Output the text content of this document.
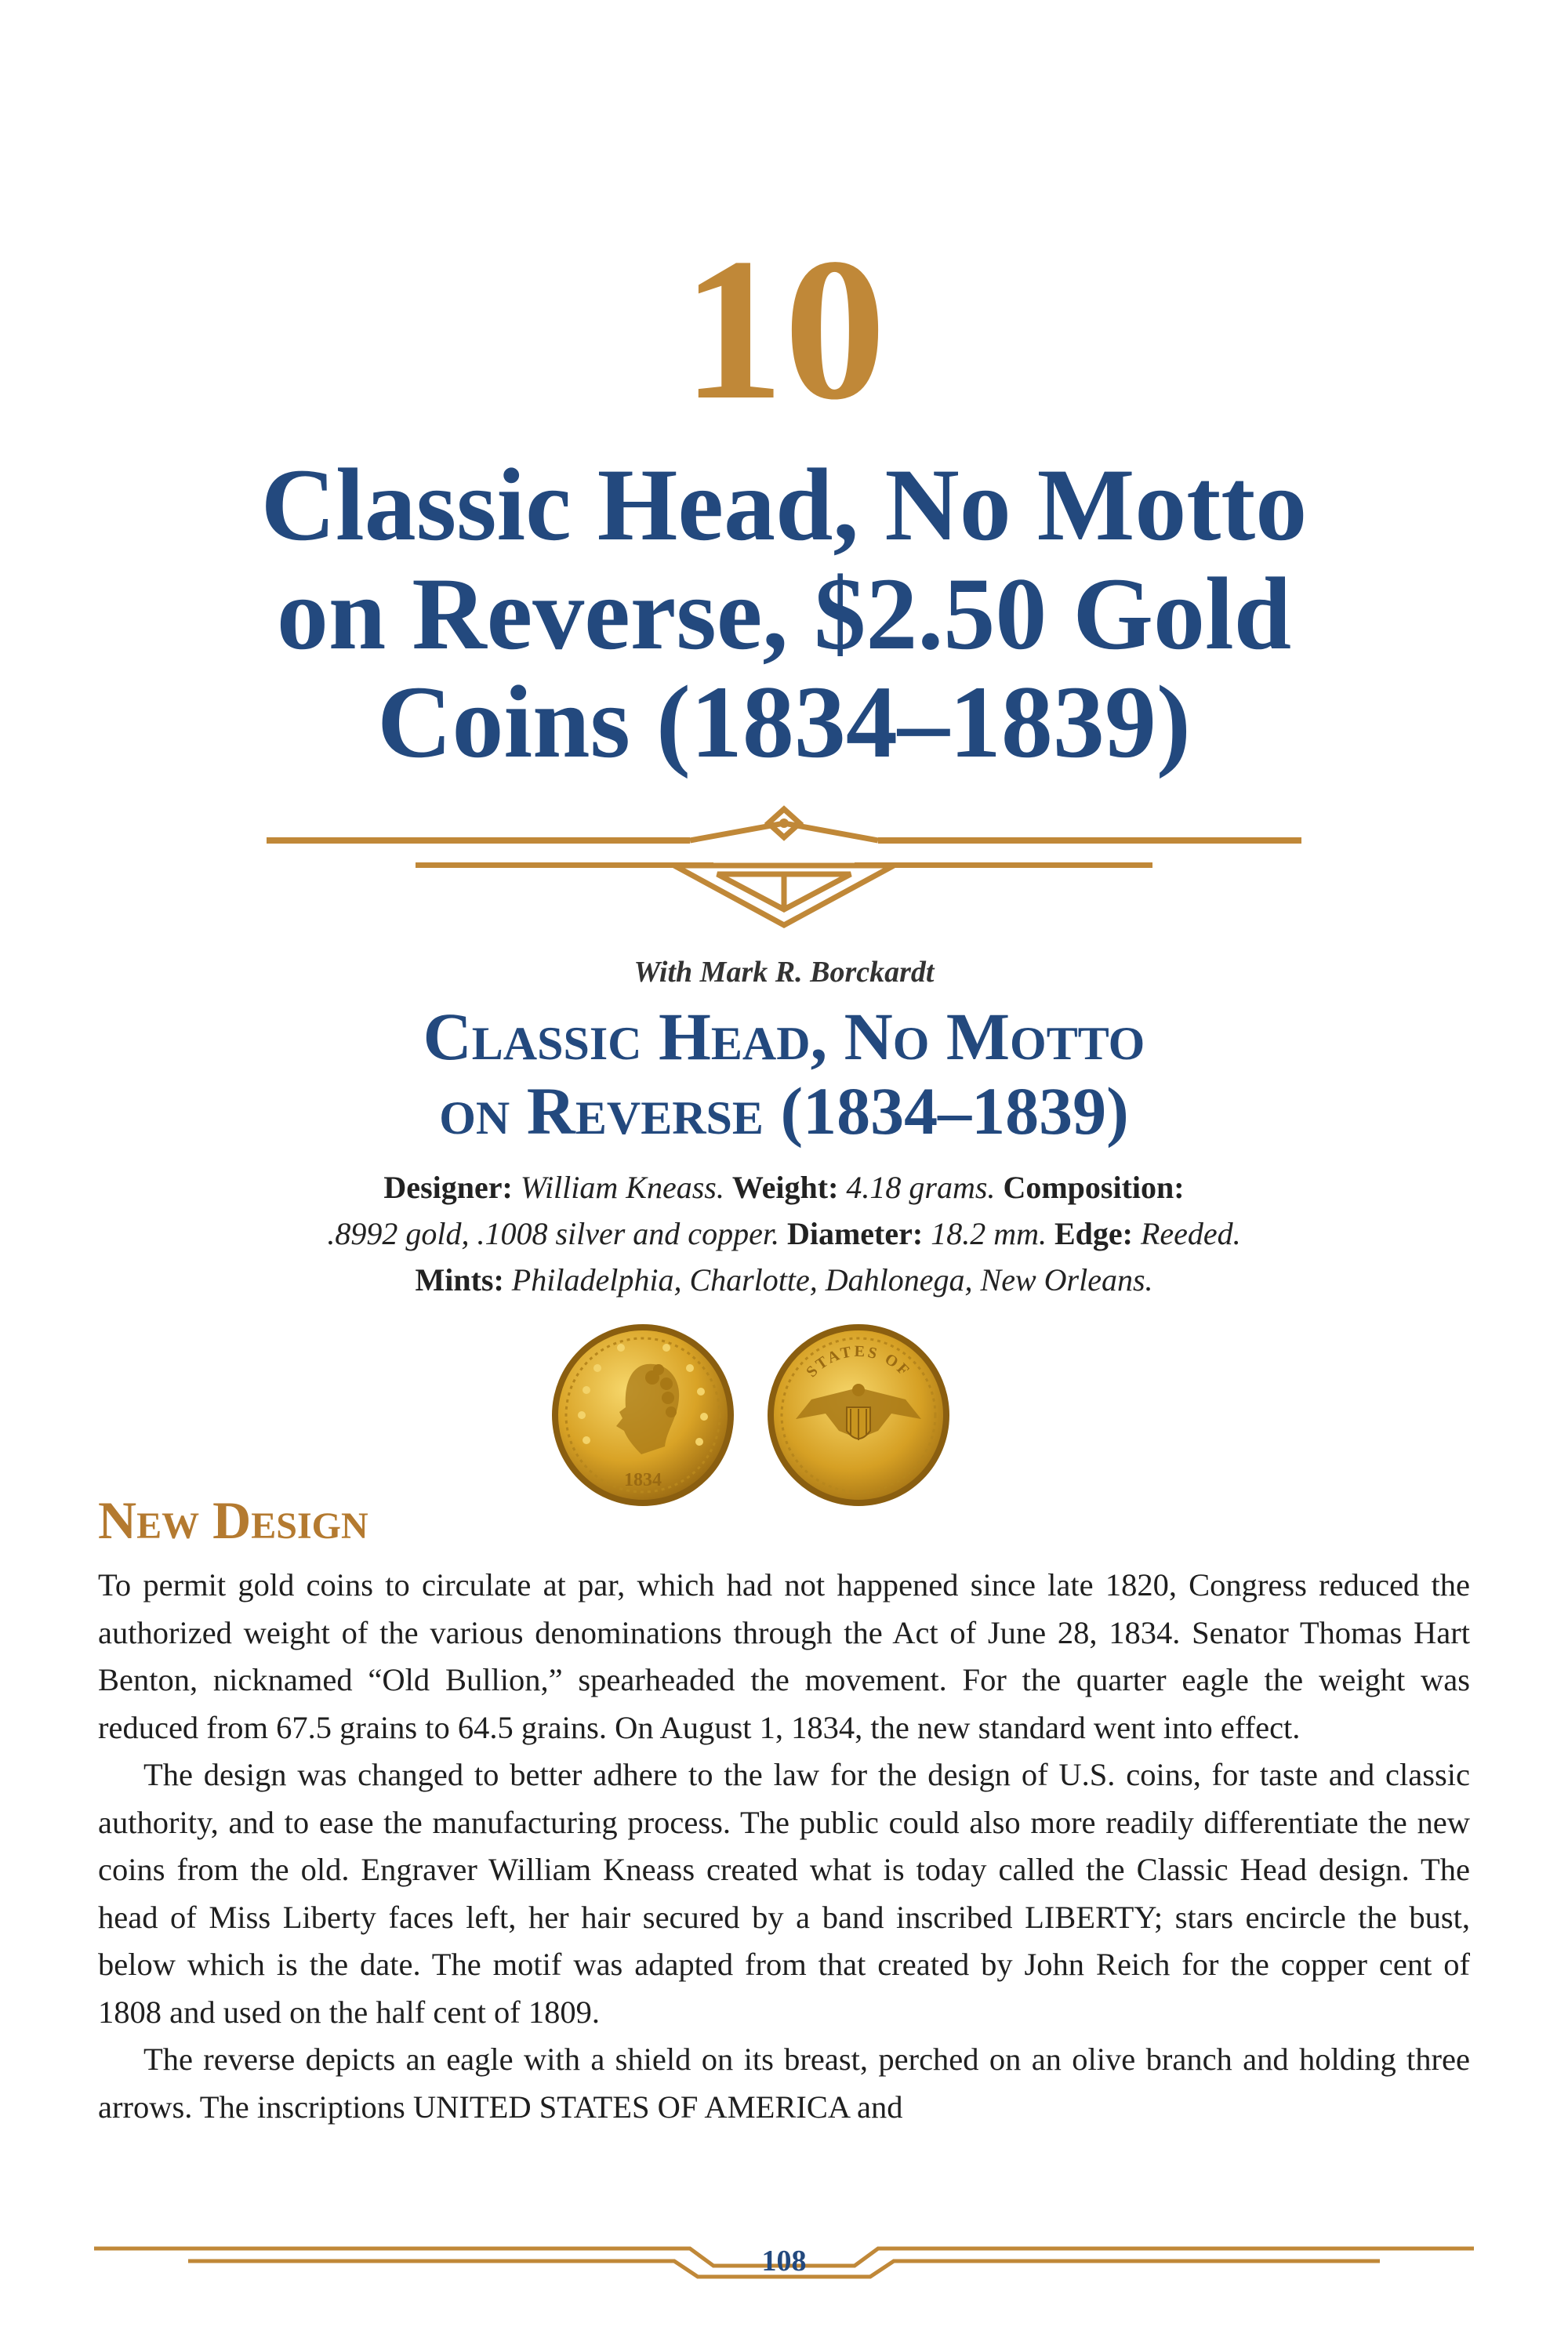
10
Classic Head, No Motto
on Reverse, $2.50 Gold
Coins (1834–1839)
With Mark R. Borckardt
Classic Head, No Motto
on Reverse (1834–1839)
Designer: William Kneass. Weight: 4.18 grams. Composition:
.8992 gold, .1008 silver and copper. Diameter: 18.2 mm. Edge: Reeded.
Mints: Philadelphia, Charlotte, Dahlonega, New Orleans.
1834
STATES OF
New Design

To permit gold coins to circulate at par, which had not happened since late 1820, Congress reduced the authorized weight of the various denominations through the Act of June 28, 1834. Senator Thomas Hart Benton, nicknamed “Old Bullion,” spearheaded the movement. For the quarter eagle the weight was reduced from 67.5 grains to 64.5 grains. On August 1, 1834, the new standard went into effect.

The design was changed to better adhere to the law for the design of U.S. coins, for taste and classic authority, and to ease the manufacturing process. The public could also more readily differentiate the new coins from the old. Engraver William Kneass created what is today called the Classic Head design. The head of Miss Liberty faces left, her hair secured by a band inscribed LIBERTY; stars encircle the bust, below which is the date. The motif was adapted from that created by John Reich for the copper cent of 1808 and used on the half cent of 1809.

The reverse depicts an eagle with a shield on its breast, perched on an olive branch and holding three arrows. The inscriptions UNITED STATES OF AMERICA and

108
